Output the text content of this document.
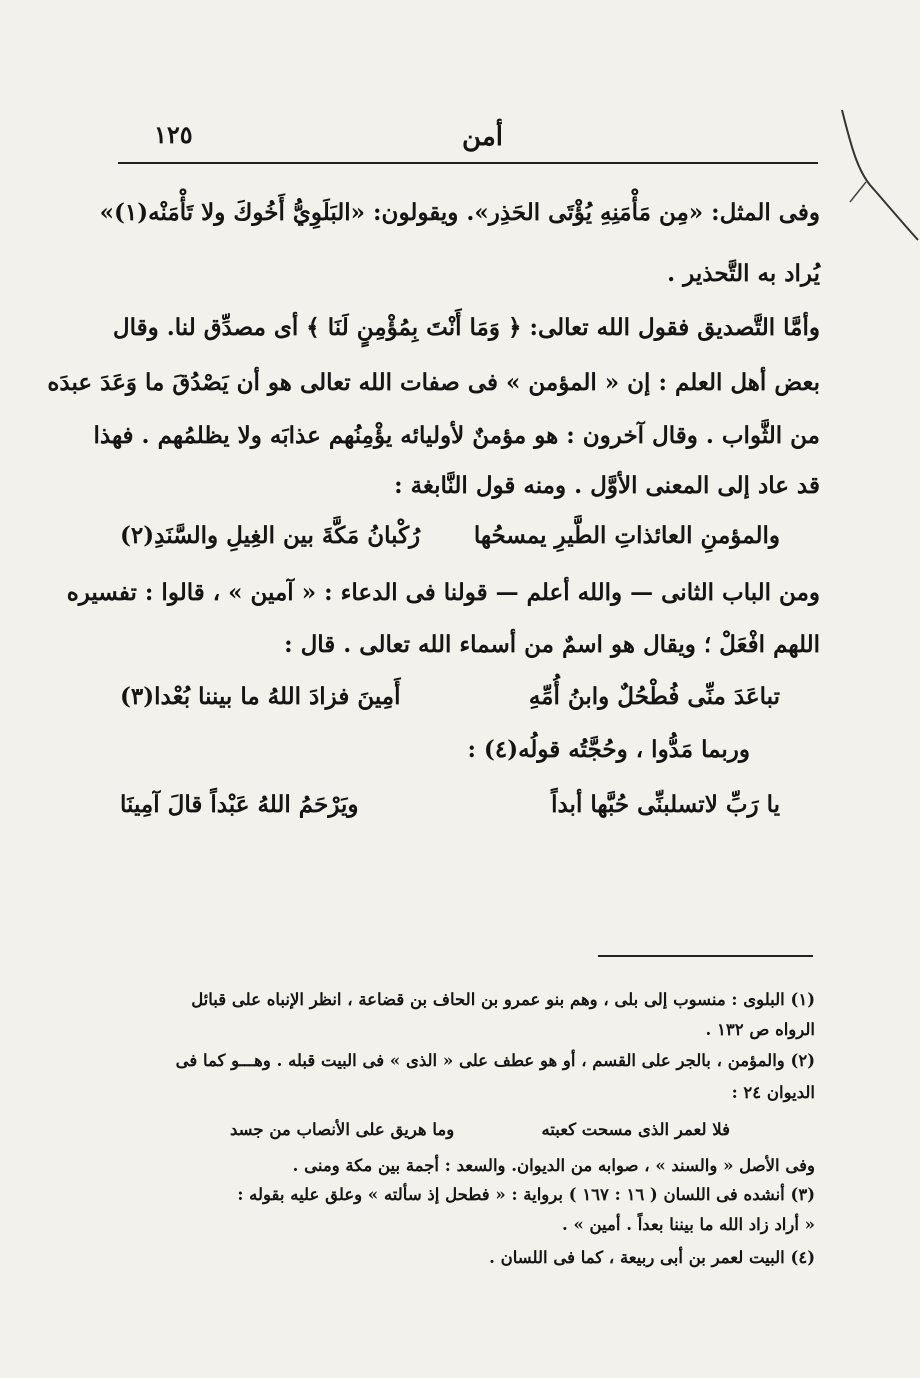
أمن
١٢٥
وفى المثل: «مِن مَأْمَنِهِ يُؤْتَى الحَذِر». ويقولون: «البَلَوِيُّ أَخُوكَ ولا تَأْمَنْه(١)»
يُراد به التَّحذير .
وأمَّا التَّصديق فقول الله تعالى: ﴿ وَمَا أَنْتَ بِمُؤْمِنٍ لَنَا ﴾ أى مصدِّق لنا. وقال
بعض أهل العلم : إن « المؤمن » فى صفات الله تعالى هو أن يَصْدُقَ ما وَعَدَ عبدَه
من الثَّواب . وقال آخرون : هو مؤمنٌ لأوليائه يؤْمِنُهم عذابَه ولا يظلمُهم . فهذا
قد عاد إلى المعنى الأوَّل . ومنه قول النَّابغة :
والمؤمنِ العائذاتِ الطَّيرِ يمسحُها
رُكْبانُ مَكَّةَ بين الغِيلِ والسَّنَدِ(٢)
ومن الباب الثانى — والله أعلم — قولنا فى الدعاء : « آمين » ، قالوا : تفسيره
اللهم افْعَلْ ؛ ويقال هو اسمٌ من أسماء الله تعالى . قال :
تباعَدَ منِّى فُطْحُلٌ وابنُ أُمِّهِ
أَمِينَ فزادَ اللهُ ما بيننا بُعْدا(٣)
وربما مَدُّوا ، وحُجَّتُه قولُه(٤) :
يا رَبِّ لاتسلبنِّى حُبَّها أبداً
ويَرْحَمُ اللهُ عَبْداً قالَ آمِينَا
(١) البلوى : منسوب إلى بلى ، وهم بنو عمرو بن الحاف بن قضاعة ، انظر الإنباه على قبائل
الرواه ص ١٣٢ .
(٢) والمؤمن ، بالجر على القسم ، أو هو عطف على « الذى » فى البيت قبله . وهـــو كما فى
الديوان ٢٤ :
فلا لعمر الذى مسحت كعبته
وما هريق على الأنصاب من جسد
وفى الأصل « والسند » ، صوابه من الديوان. والسعد : أجمة بين مكة ومنى .
(٣) أنشده فى اللسان ( ١٦ : ١٦٧ ) برواية : « فطحل إذ سألته » وعلق عليه بقوله :
« أراد زاد الله ما بيننا بعداً . أمين » .
(٤) البيت لعمر بن أبى ربيعة ، كما فى اللسان .
